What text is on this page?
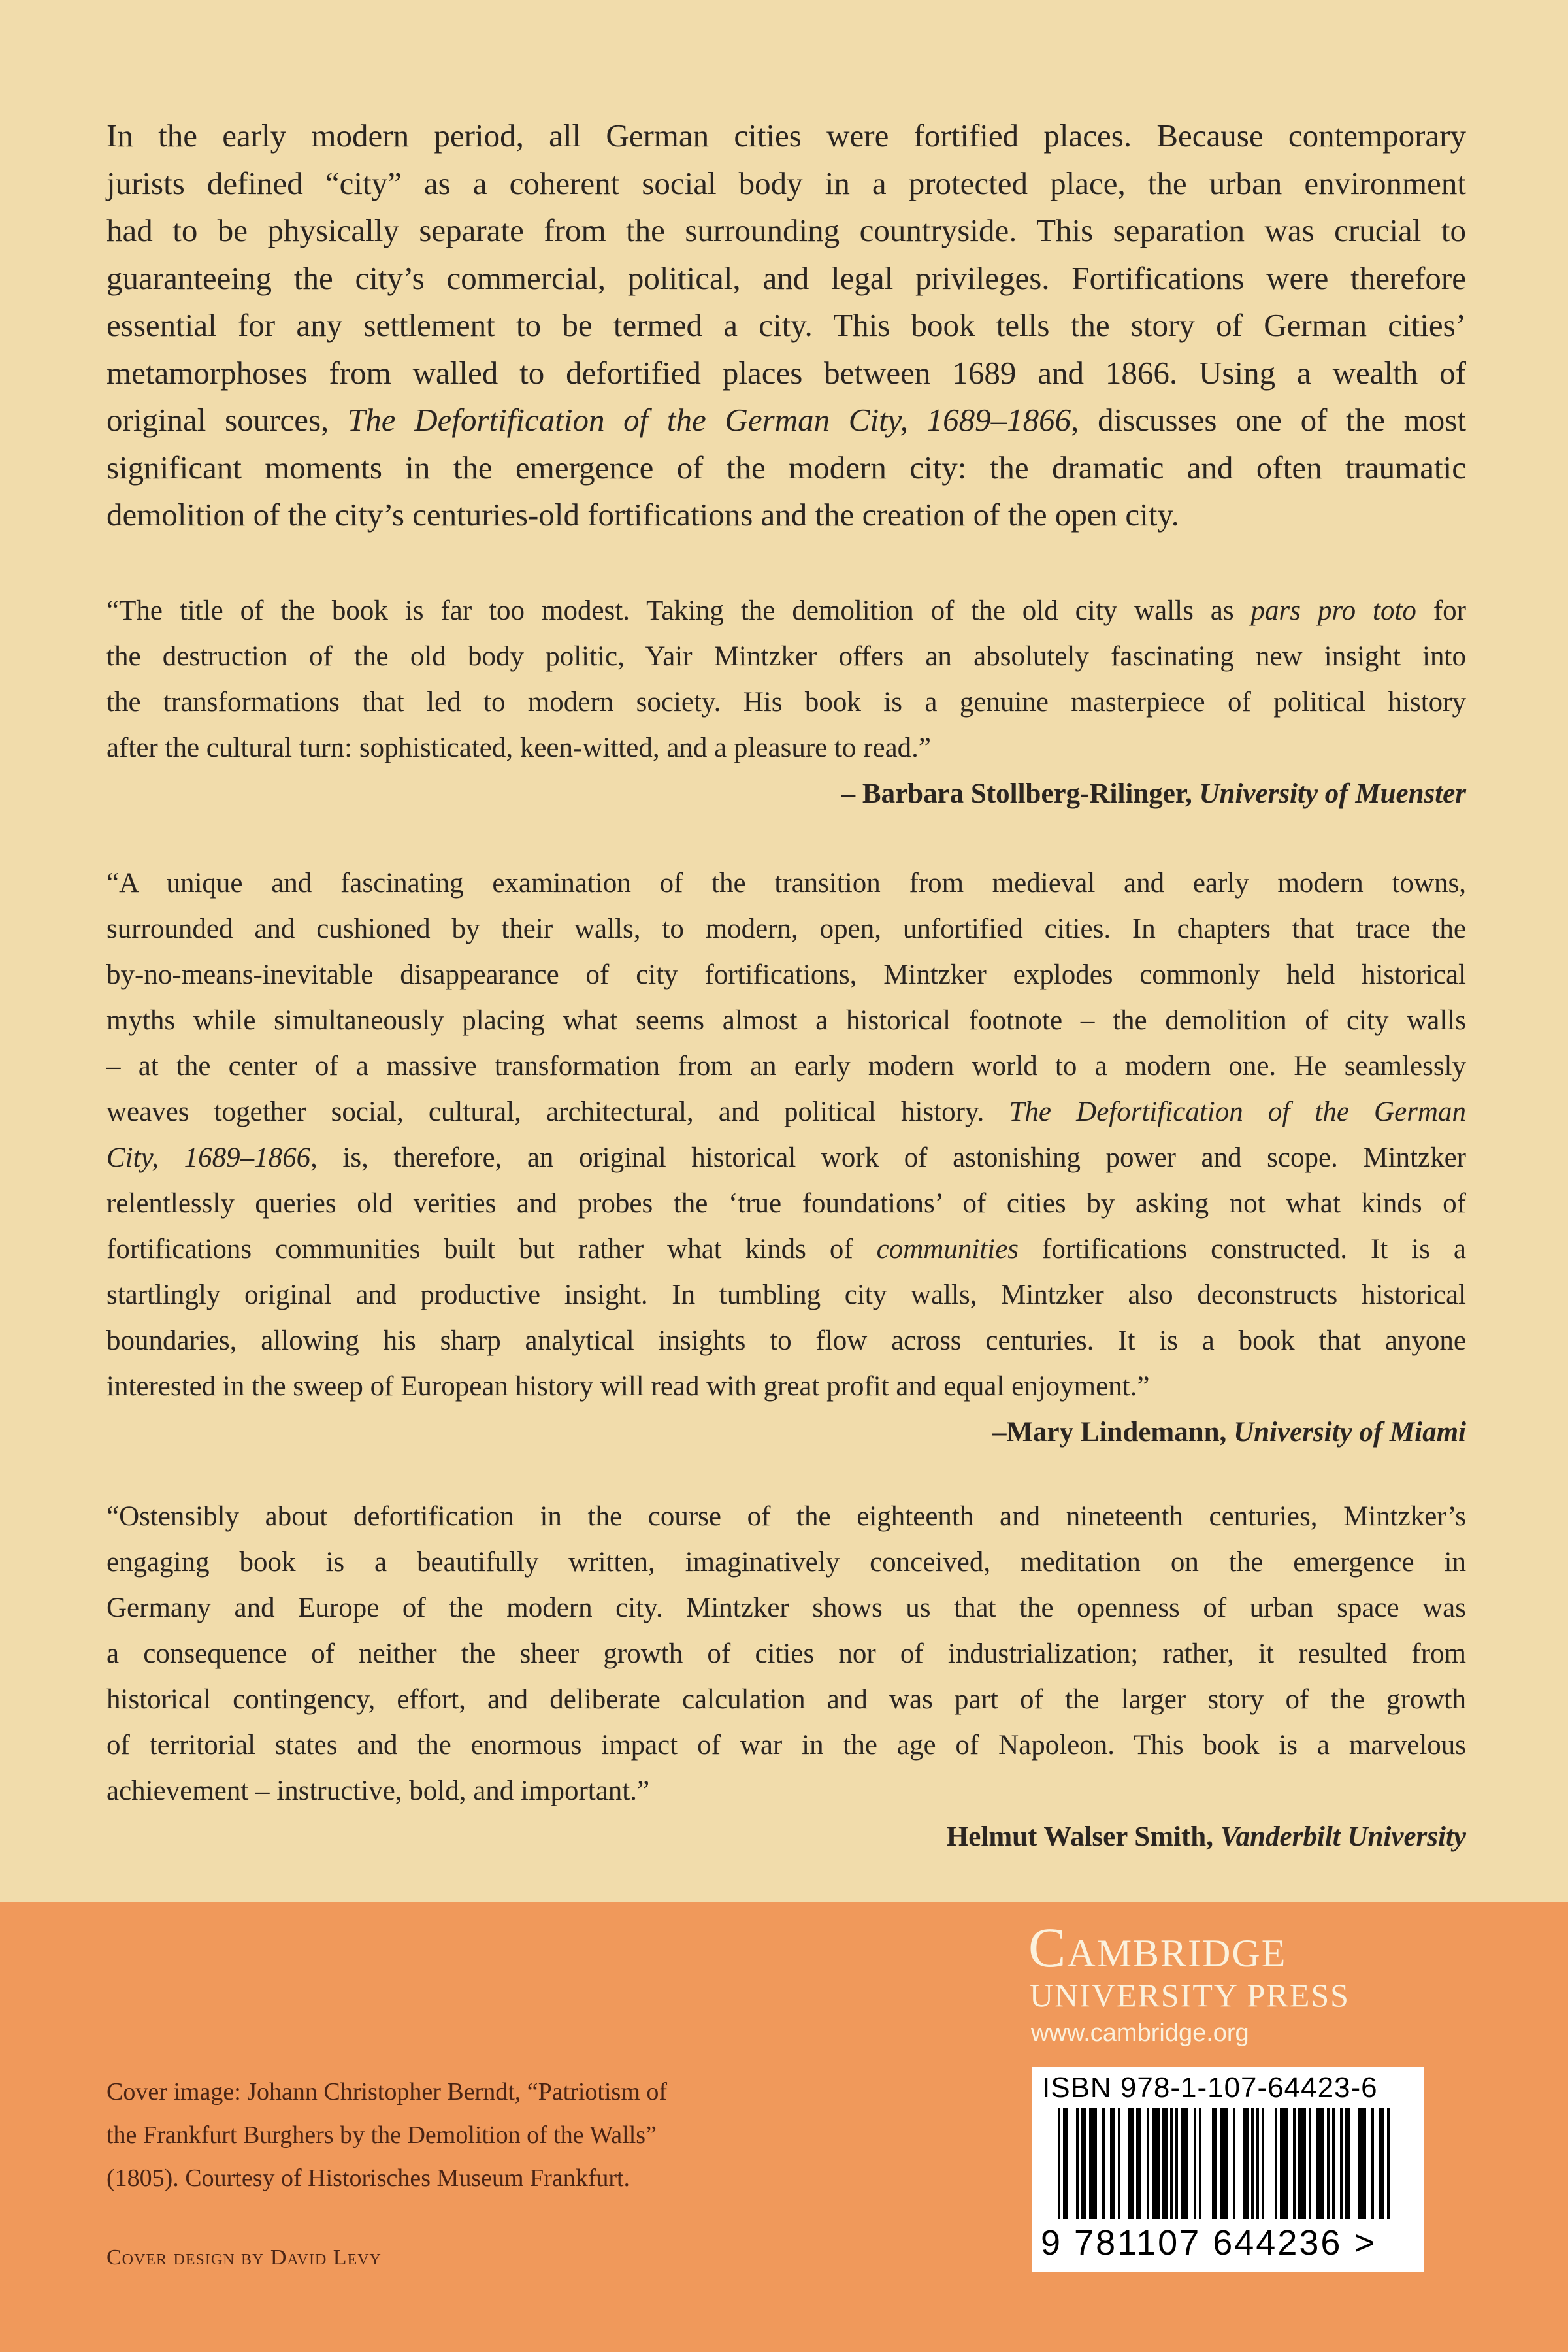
In the early modern period, all German cities were fortified places. Because contemporary
jurists defined “city” as a coherent social body in a protected place, the urban environment
had to be physically separate from the surrounding countryside. This separation was crucial to
guaranteeing the city’s commercial, political, and legal privileges. Fortifications were therefore
essential for any settlement to be termed a city. This book tells the story of German cities’
metamorphoses from walled to defortified places between 1689 and 1866. Using a wealth of
original sources, The Defortification of the German City, 1689–1866, discusses one of the most
significant moments in the emergence of the modern city: the dramatic and often traumatic
demolition of the city’s centuries-old fortifications and the creation of the open city.
“The title of the book is far too modest. Taking the demolition of the old city walls as pars pro toto for
the destruction of the old body politic, Yair Mintzker offers an absolutely fascinating new insight into
the transformations that led to modern society. His book is a genuine masterpiece of political history
after the cultural turn: sophisticated, keen-witted, and a pleasure to read.”
– Barbara Stollberg-Rilinger, University of Muenster
“A unique and fascinating examination of the transition from medieval and early modern towns,
surrounded and cushioned by their walls, to modern, open, unfortified cities. In chapters that trace the
by-no-means-inevitable disappearance of city fortifications, Mintzker explodes commonly held historical
myths while simultaneously placing what seems almost a historical footnote – the demolition of city walls
– at the center of a massive transformation from an early modern world to a modern one. He seamlessly
weaves together social, cultural, architectural, and political history. The Defortification of the German
City, 1689–1866, is, therefore, an original historical work of astonishing power and scope. Mintzker
relentlessly queries old verities and probes the ‘true foundations’ of cities by asking not what kinds of
fortifications communities built but rather what kinds of communities fortifications constructed. It is a
startlingly original and productive insight. In tumbling city walls, Mintzker also deconstructs historical
boundaries, allowing his sharp analytical insights to flow across centuries. It is a book that anyone
interested in the sweep of European history will read with great profit and equal enjoyment.”
–Mary Lindemann, University of Miami
“Ostensibly about defortification in the course of the eighteenth and nineteenth centuries, Mintzker’s
engaging book is a beautifully written, imaginatively conceived, meditation on the emergence in
Germany and Europe of the modern city. Mintzker shows us that the openness of urban space was
a consequence of neither the sheer growth of cities nor of industrialization; rather, it resulted from
historical contingency, effort, and deliberate calculation and was part of the larger story of the growth
of territorial states and the enormous impact of war in the age of Napoleon. This book is a marvelous
achievement – instructive, bold, and important.”
Helmut Walser Smith, Vanderbilt University
Cambridge
UNIVERSITY PRESS
www.cambridge.org
Cover image: Johann Christopher Berndt, “Patriotism of
the Frankfurt Burghers by the Demolition of the Walls”
(1805). Courtesy of Historisches Museum Frankfurt.
Cover design by David Levy
ISBN 978-1-107-64423-6
9 781107 644236 >
